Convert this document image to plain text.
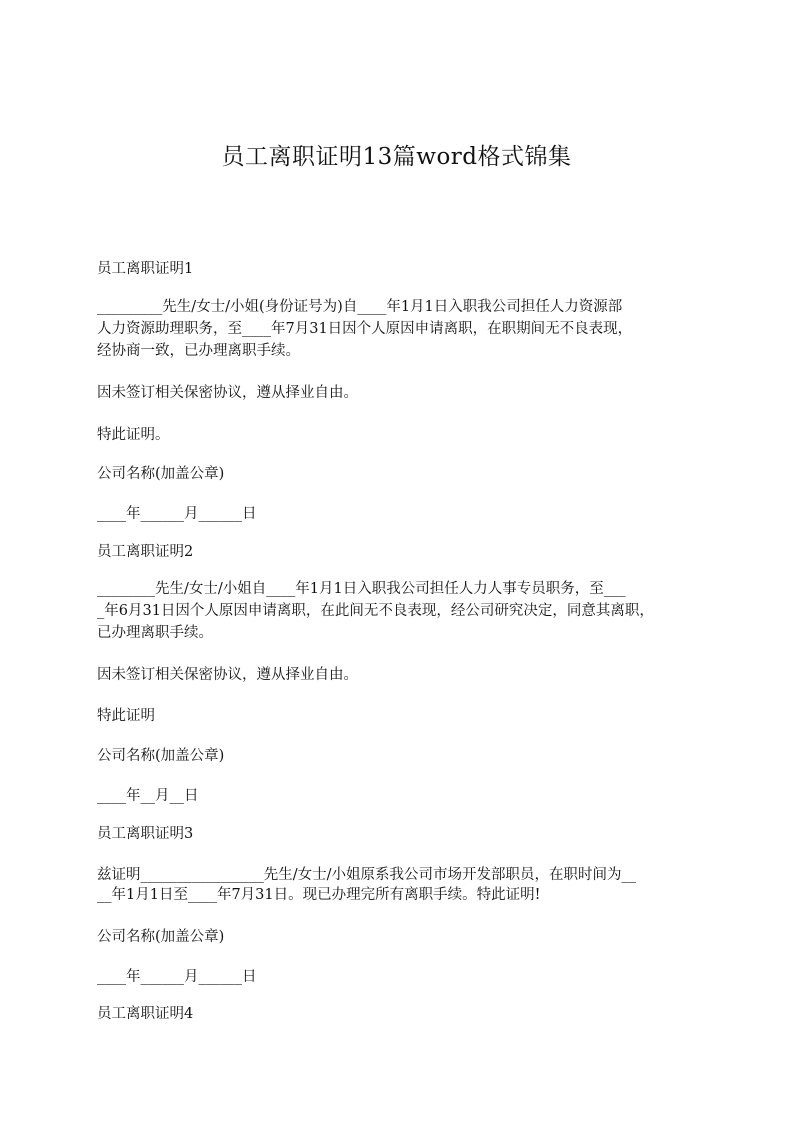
员工离职证明13篇word格式锦集
员工离职证明1
_________先生/女士/小姐(身份证号为)自____年1月1日入职我公司担任人力资源部
人力资源助理职务，至____年7月31日因个人原因申请离职，在职期间无不良表现，
经协商一致，已办理离职手续。
因未签订相关保密协议，遵从择业自由。
特此证明。
公司名称(加盖公章)
____年______月______日
员工离职证明2
________先生/女士/小姐自____年1月1日入职我公司担任人力人事专员职务，至___
_年6月31日因个人原因申请离职，在此间无不良表现，经公司研究决定，同意其离职，
已办理离职手续。
因未签订相关保密协议，遵从择业自由。
特此证明
公司名称(加盖公章)
____年__月__日
员工离职证明3
兹证明_________________先生/女士/小姐原系我公司市场开发部职员，在职时间为__
__年1月1日至____年7月31日。现已办理完所有离职手续。特此证明!
公司名称(加盖公章)
____年______月______日
员工离职证明4
